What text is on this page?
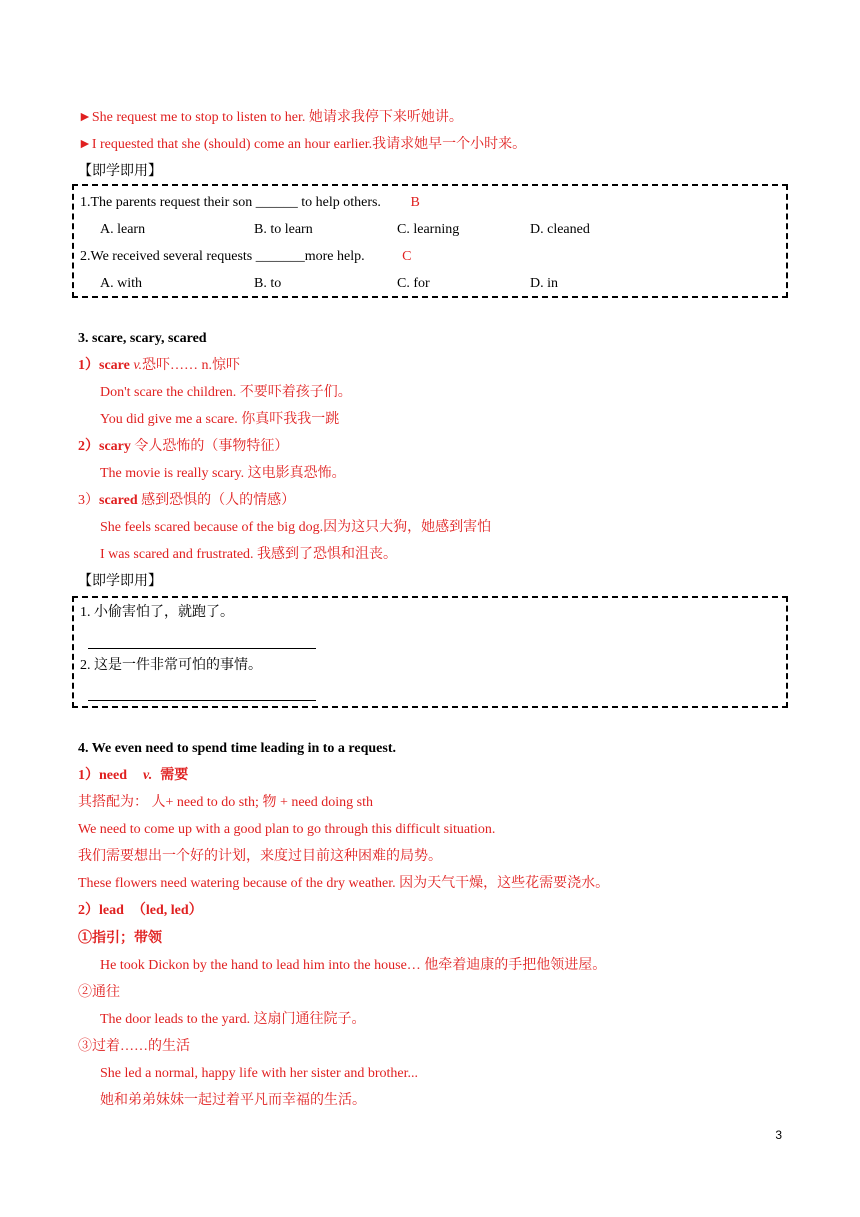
►She request me to stop to listen to her. 她请求我停下来听她讲。
►I requested that she (should) come an hour earlier.我请求她早一个小时来。
【即学即用】
1.The parents request their son ______ to help others. B
A. learn	B. to learn	C. learning	D. cleaned
2.We received several requests _______more help.	C
A. with	B. to	C. for	D. in
3. scare, scary, scared
1）scare v.恐吓…… n.惊吓
Don't scare the children. 不要吓着孩子们。
You did give me a scare. 你真吓我我一跳
2）scary 令人恐怖的（事物特征）
The movie is really scary. 这电影真恐怖。
3）scared 感到恐惧的（人的情感）
She feels scared because of the big dog.因为这只大狗，她感到害怕
I was scared and frustrated. 我感到了恐惧和沮丧。
【即学即用】
1. 小偷害怕了，就跑了。
2. 这是一件非常可怕的事情。
4. We even need to spend time leading in to a request.
1）need v. 需要
其搭配为： 人+ need to do sth; 物 + need doing sth
We need to come up with a good plan to go through this difficult situation.
我们需要想出一个好的计划，来度过目前这种困难的局势。
These flowers need watering because of the dry weather. 因为天气干燥，这些花需要浇水。
2）lead （led, led）
①指引；带领
He took Dickon by the hand to lead him into the house… 他牵着迪康的手把他领进屋。
②通往
The door leads to the yard. 这扇门通往院子。
③过着……的生活
She led a normal, happy life with her sister and brother...
她和弟弟妹妹一起过着平凡而幸福的生活。
3
